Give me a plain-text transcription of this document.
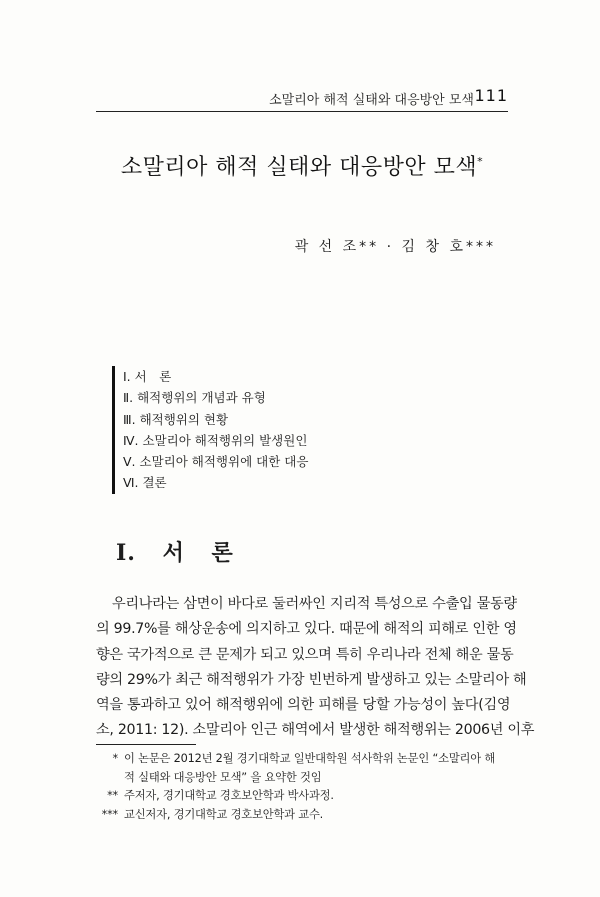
소말리아 해적 실태와 대응방안 모색 111
소말리아 해적 실태와 대응방안 모색*
곽 선 조** · 김 창 호***
Ⅰ. 서　론
Ⅱ. 해적행위의 개념과 유형
Ⅲ. 해적행위의 현황
Ⅳ. 소말리아 해적행위의 발생원인
Ⅴ. 소말리아 해적행위에 대한 대응
Ⅵ. 결론
Ⅰ. 서 론
우리나라는 삼면이 바다로 둘러싸인 지리적 특성으로 수출입 물동량
의 99.7%를 해상운송에 의지하고 있다. 때문에 해적의 피해로 인한 영
향은 국가적으로 큰 문제가 되고 있으며 특히 우리나라 전체 해운 물동
량의 29%가 최근 해적행위가 가장 빈번하게 발생하고 있는 소말리아 해
역을 통과하고 있어 해적행위에 의한 피해를 당할 가능성이 높다(김영
소, 2011: 12). 소말리아 인근 해역에서 발생한 해적행위는 2006년 이후
* 이 논문은 2012년 2월 경기대학교 일반대학원 석사학위 논문인 “소말리아 해
적 실태와 대응방안 모색” 을 요약한 것임
** 주저자, 경기대학교 경호보안학과 박사과정.
*** 교신저자, 경기대학교 경호보안학과 교수.
